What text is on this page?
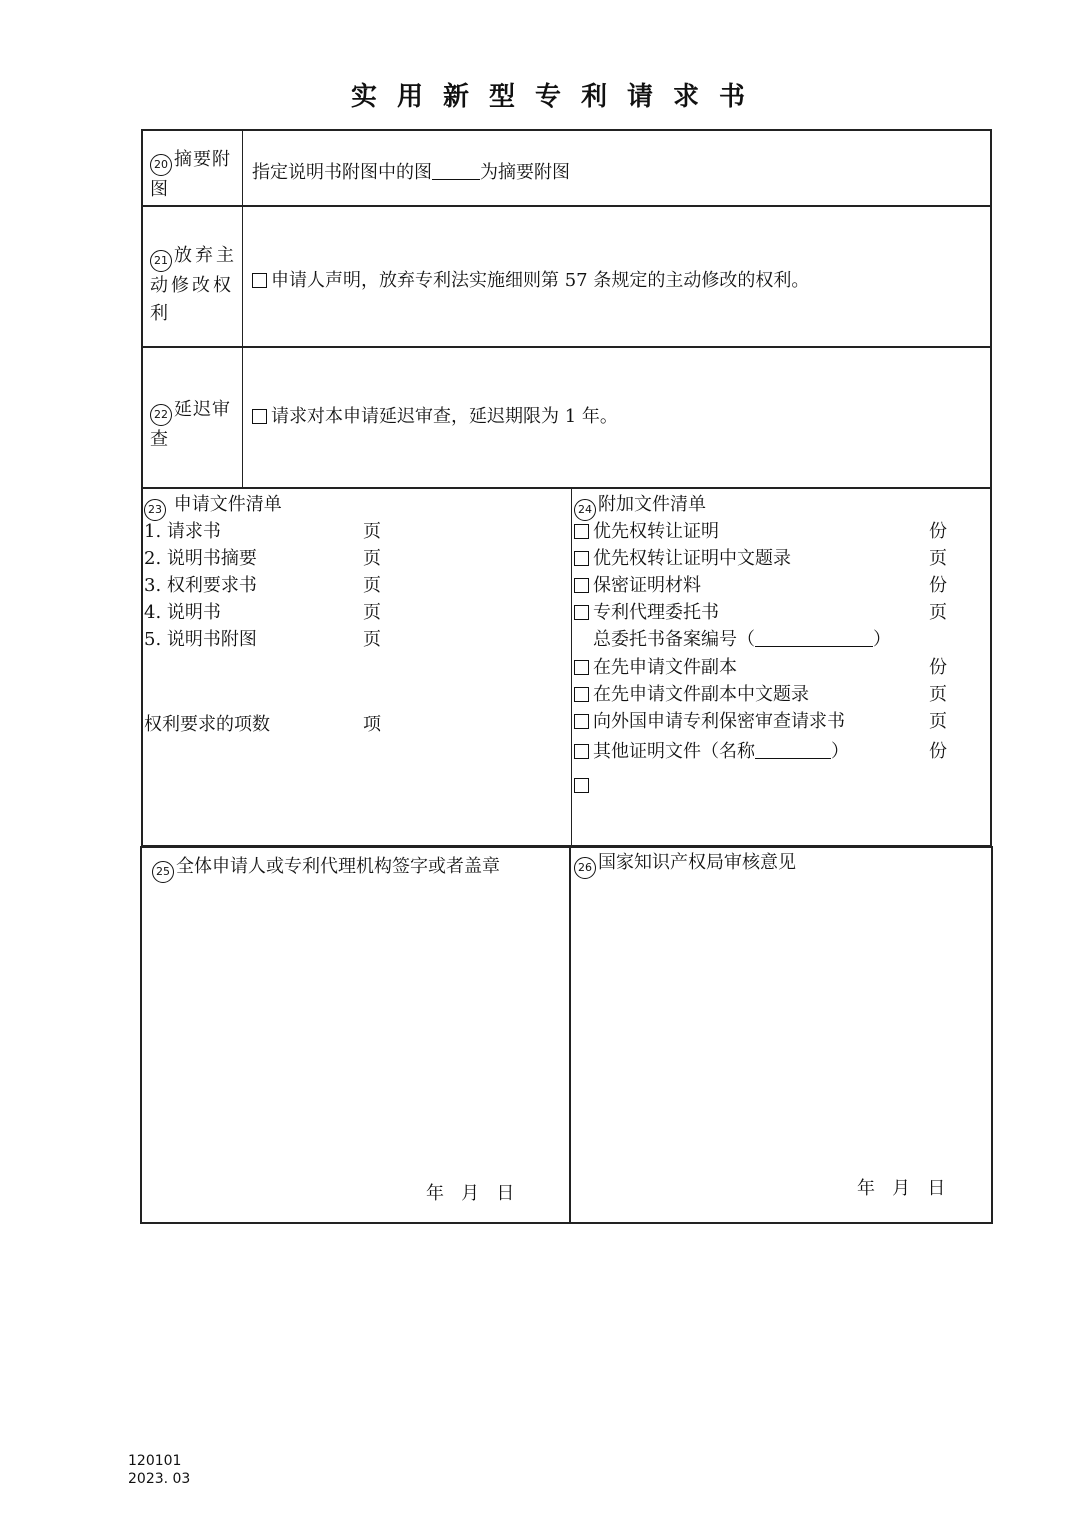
实用新型专利请求书
20 摘要附图
指定说明书附图中的图	为摘要附图
21 放弃主动修改权利
申请人声明，放弃专利法实施细则第 57 条规定的主动修改的权利。
22 延迟审查
请求对本申请延迟审查，延迟期限为 1 年。
23 申请文件清单
1. 请求书	页
2. 说明书摘要	页
3. 权利要求书	页
4. 说明书	页
5. 说明书附图	页
权利要求的项数	项
24 附加文件清单
优先权转让证明	份
优先权转让证明中文题录	页
保密证明材料	份
专利代理委托书	页
总委托书备案编号（	）
在先申请文件副本	份
在先申请文件副本中文题录	页
向外国申请专利保密审查请求书	页
其他证明文件（名称	）	份
25 全体申请人或专利代理机构签字或者盖章
年   月   日
26 国家知识产权局审核意见
年   月   日
120101
2023. 03
